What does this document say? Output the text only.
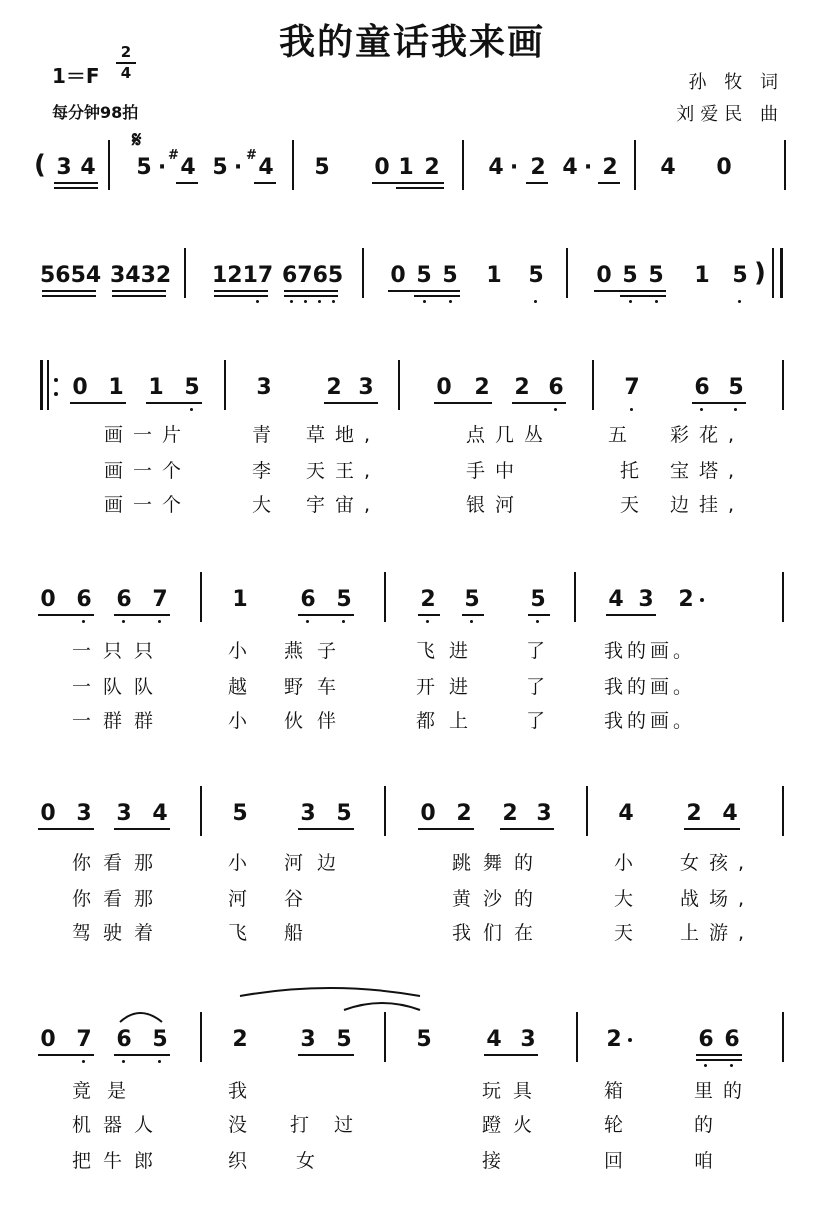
我的童话我来画
1＝F
2
4
每分钟98拍
孙 牧 词
刘爱民 曲
𝄋
( 3 4 5 · # 4 5 · # 4 5 0 1 2 4 · 2 4 · 2 4 0
5654 3432 1217 6765 0 5 5 1 5 0 5 5 1 5 )
0 1 1 5	3 2 3	0 2 2 6	7 6 5
画一片	青 草地,	点几丛	五 彩花,
画一个	李 天王,	手中	托 宝塔,
画一个	大 宇宙,	银河	天 边挂,
0 6 6 7	1 6 5	2 5 5	4 3 2
一只只	小 燕子	飞进 了	我的画。
一队队	越 野车	开进 了	我的画。
一群群	小 伙伴	都上 了	我的画。
0 3 3 4	5 3 5	0 2 2 3	4 2 4
你看那	小 河边	跳舞的	小 女孩,
你看那	河 谷	黄沙的	大 战场,
驾驶着	飞 船	我们在	天 上游,
0 7 6 5	2 3 5	5 4 3	2	6 6
竟是	我	玩具	箱	里的
机器人	没 打 过	蹬火	轮	的
把牛郎	织	女	接	回	咱
